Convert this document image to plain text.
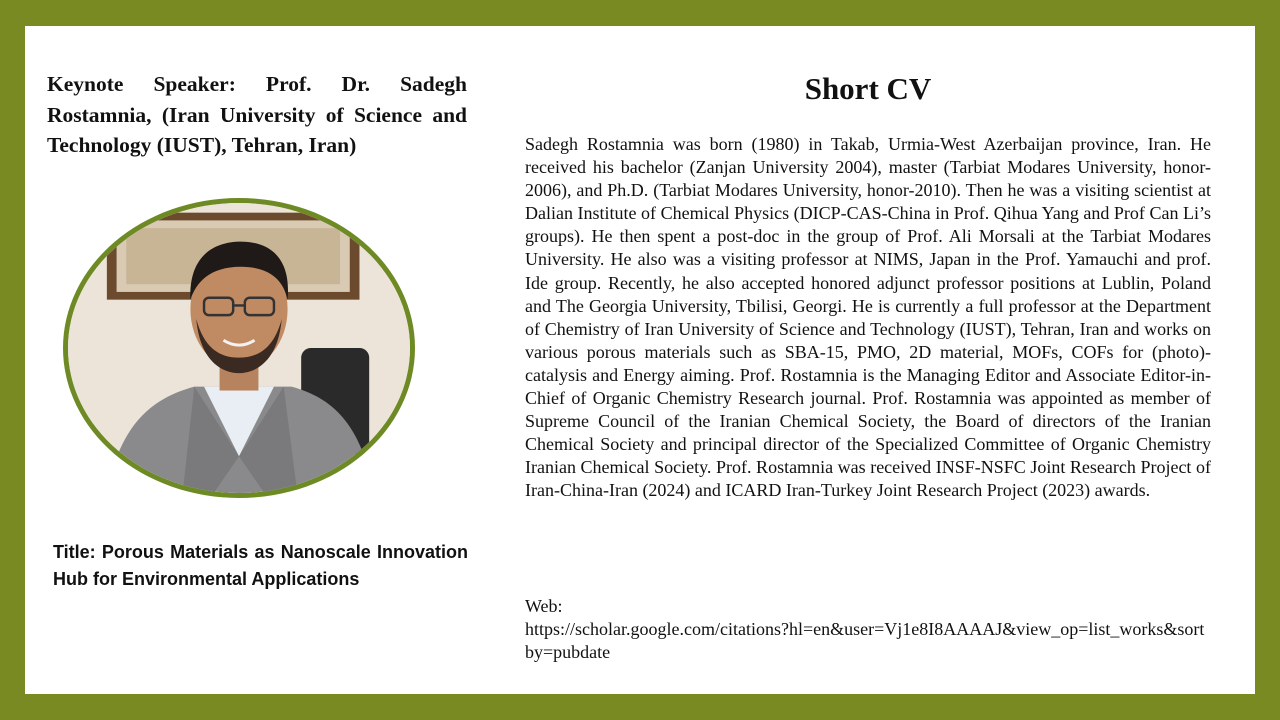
Keynote Speaker: Prof. Dr. Sadegh Rostamnia, (Iran University of Science and Technology (IUST), Tehran, Iran)
Title: Porous Materials as Nanoscale Innovation Hub for Environmental Applications
Short CV
Sadegh Rostamnia was born (1980) in Takab, Urmia-West Azerbaijan province, Iran. He received his bachelor (Zanjan University 2004), master (Tarbiat Modares University, honor-2006), and Ph.D. (Tarbiat Modares University, honor-2010). Then he was a visiting scientist at Dalian Institute of Chemical Physics (DICP-CAS-China in Prof. Qihua Yang and Prof Can Li’s groups). He then spent a post-doc in the group of Prof. Ali Morsali at the Tarbiat Modares University. He also was a visiting professor at NIMS, Japan in the Prof. Yamauchi and prof. Ide group. Recently, he also accepted honored adjunct professor positions at Lublin, Poland and The Georgia University, Tbilisi, Georgi. He is currently a full professor at the Department of Chemistry of Iran University of Science and Technology (IUST), Tehran, Iran and works on various porous materials such as SBA-15, PMO, 2D material, MOFs, COFs for (photo)-catalysis and Energy aiming. Prof. Rostamnia is the Managing Editor and Associate Editor-in-Chief of Organic Chemistry Research journal. Prof. Rostamnia was appointed as member of Supreme Council of the Iranian Chemical Society, the Board of directors of the Iranian Chemical Society and principal director of the Specialized Committee of Organic Chemistry Iranian Chemical Society. Prof. Rostamnia was received INSF-NSFC Joint Research Project of Iran-China-Iran (2024) and ICARD Iran-Turkey Joint Research Project (2023) awards.
Web:
https://scholar.google.com/citations?hl=en&user=Vj1e8I8AAAAJ&view_op=list_works&sortby=pubdate
